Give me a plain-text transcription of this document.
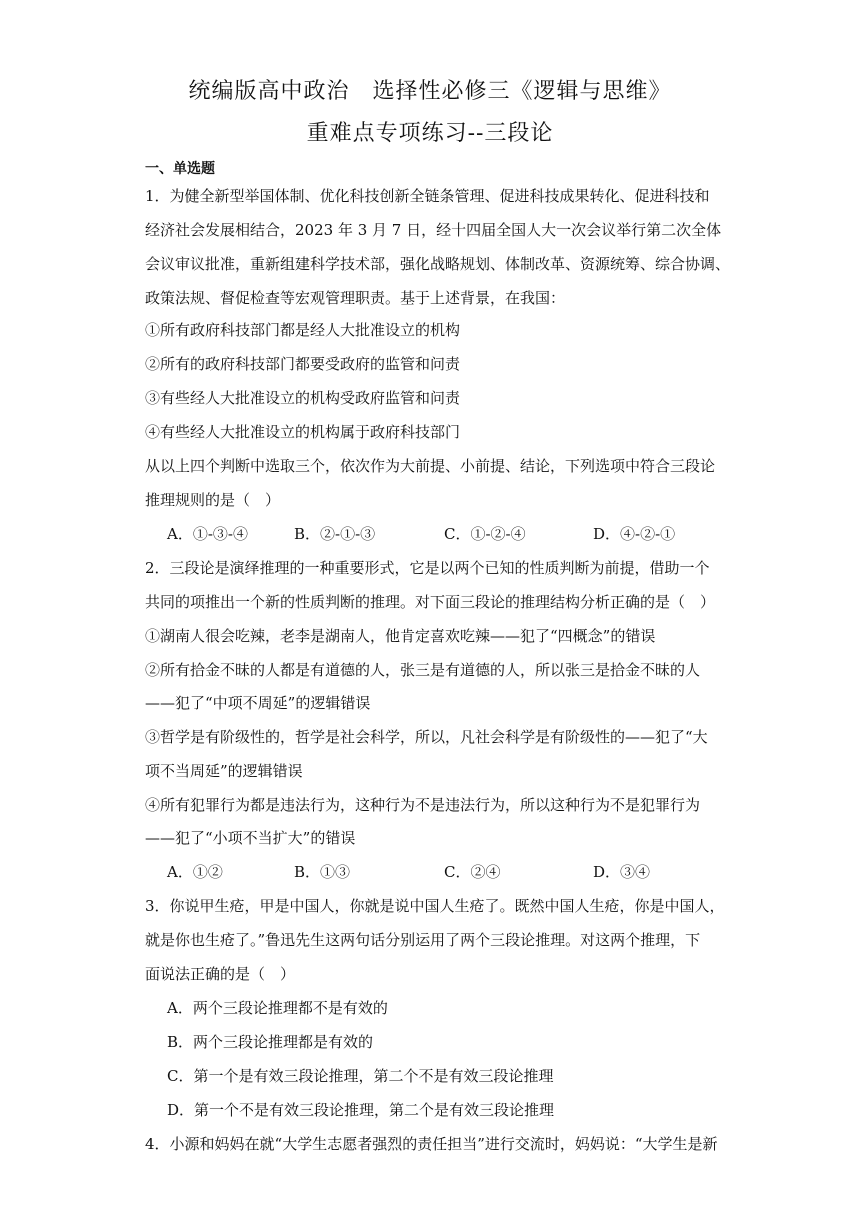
统编版高中政治　选择性必修三《逻辑与思维》
重难点专项练习--三段论
一、单选题
1．为健全新型举国体制、优化科技创新全链条管理、促进科技成果转化、促进科技和
经济社会发展相结合，2023 年 3 月 7 日，经十四届全国人大一次会议举行第二次全体
会议审议批准，重新组建科学技术部，强化战略规划、体制改革、资源统筹、综合协调、
政策法规、督促检查等宏观管理职责。基于上述背景，在我国：
①所有政府科技部门都是经人大批准设立的机构
②所有的政府科技部门都要受政府的监管和问责
③有些经人大批准设立的机构受政府监管和问责
④有些经人大批准设立的机构属于政府科技部门
从以上四个判断中选取三个，依次作为大前提、小前提、结论，下列选项中符合三段论
推理规则的是（　）
A．①-③-④	B．②-①-③	C．①-②-④	D．④-②-①
2．三段论是演绎推理的一种重要形式，它是以两个已知的性质判断为前提，借助一个
共同的项推出一个新的性质判断的推理。对下面三段论的推理结构分析正确的是（　）
①湖南人很会吃辣，老李是湖南人，他肯定喜欢吃辣——犯了“四概念”的错误
②所有拾金不昧的人都是有道德的人，张三是有道德的人，所以张三是拾金不昧的人
——犯了“中项不周延”的逻辑错误
③哲学是有阶级性的，哲学是社会科学，所以，凡社会科学是有阶级性的——犯了“大
项不当周延”的逻辑错误
④所有犯罪行为都是违法行为，这种行为不是违法行为，所以这种行为不是犯罪行为
——犯了“小项不当扩大”的错误
A．①②	B．①③	C．②④	D．③④
3．你说甲生疮，甲是中国人，你就是说中国人生疮了。既然中国人生疮，你是中国人，
就是你也生疮了。”鲁迅先生这两句话分别运用了两个三段论推理。对这两个推理，下
面说法正确的是（　）
A．两个三段论推理都不是有效的
B．两个三段论推理都是有效的
C．第一个是有效三段论推理，第二个不是有效三段论推理
D．第一个不是有效三段论推理，第二个是有效三段论推理
4．小源和妈妈在就“大学生志愿者强烈的责任担当”进行交流时，妈妈说：“大学生是新
